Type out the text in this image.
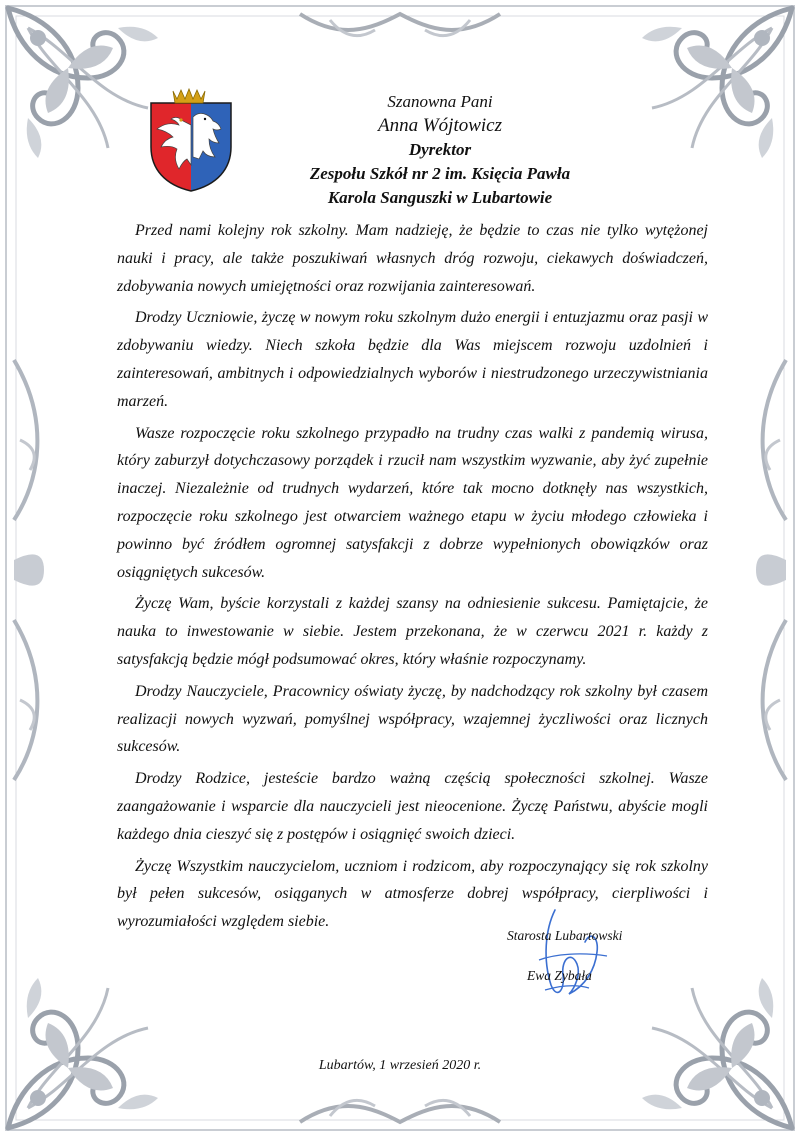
Szanowna Pani
Anna Wójtowicz
Dyrektor
Zespołu Szkół nr 2 im. Księcia Pawła
Karola Sanguszki w Lubartowie

Przed nami kolejny rok szkolny. Mam nadzieję, że będzie to czas nie tylko wytężonej nauki i pracy, ale także poszukiwań własnych dróg rozwoju, ciekawych doświadczeń, zdobywania nowych umiejętności oraz rozwijania zainteresowań.

Drodzy Uczniowie, życzę w nowym roku szkolnym dużo energii i entuzjazmu oraz pasji w zdobywaniu wiedzy. Niech szkoła będzie dla Was miejscem rozwoju uzdolnień i zainteresowań, ambitnych i odpowiedzialnych wyborów i niestrudzonego urzeczywistniania marzeń.

Wasze rozpoczęcie roku szkolnego przypadło na trudny czas walki z pandemią wirusa, który zaburzył dotychczasowy porządek i rzucił nam wszystkim wyzwanie, aby żyć zupełnie inaczej. Niezależnie od trudnych wydarzeń, które tak mocno dotknęły nas wszystkich, rozpoczęcie roku szkolnego jest otwarciem ważnego etapu w życiu młodego człowieka i powinno być źródłem ogromnej satysfakcji z dobrze wypełnionych obowiązków oraz osiągniętych sukcesów.

Życzę Wam, byście korzystali z każdej szansy na odniesienie sukcesu. Pamiętajcie, że nauka to inwestowanie w siebie. Jestem przekonana, że w czerwcu 2021 r. każdy z satysfakcją będzie mógł podsumować okres, który właśnie rozpoczynamy.

Drodzy Nauczyciele, Pracownicy oświaty życzę, by nadchodzący rok szkolny był czasem realizacji nowych wyzwań, pomyślnej współpracy, wzajemnej życzliwości oraz licznych sukcesów.

Drodzy Rodzice, jesteście bardzo ważną częścią społeczności szkolnej. Wasze zaangażowanie i wsparcie dla nauczycieli jest nieocenione. Życzę Państwu, abyście mogli każdego dnia cieszyć się z postępów i osiągnięć swoich dzieci.

Życzę Wszystkim nauczycielom, uczniom i rodzicom, aby rozpoczynający się rok szkolny był pełen sukcesów, osiąganych w atmosferze dobrej współpracy, cierpliwości i wyrozumiałości względem siebie.

Starosta Lubartowski
Ewa Zybała
Lubartów, 1 wrzesień 2020 r.
